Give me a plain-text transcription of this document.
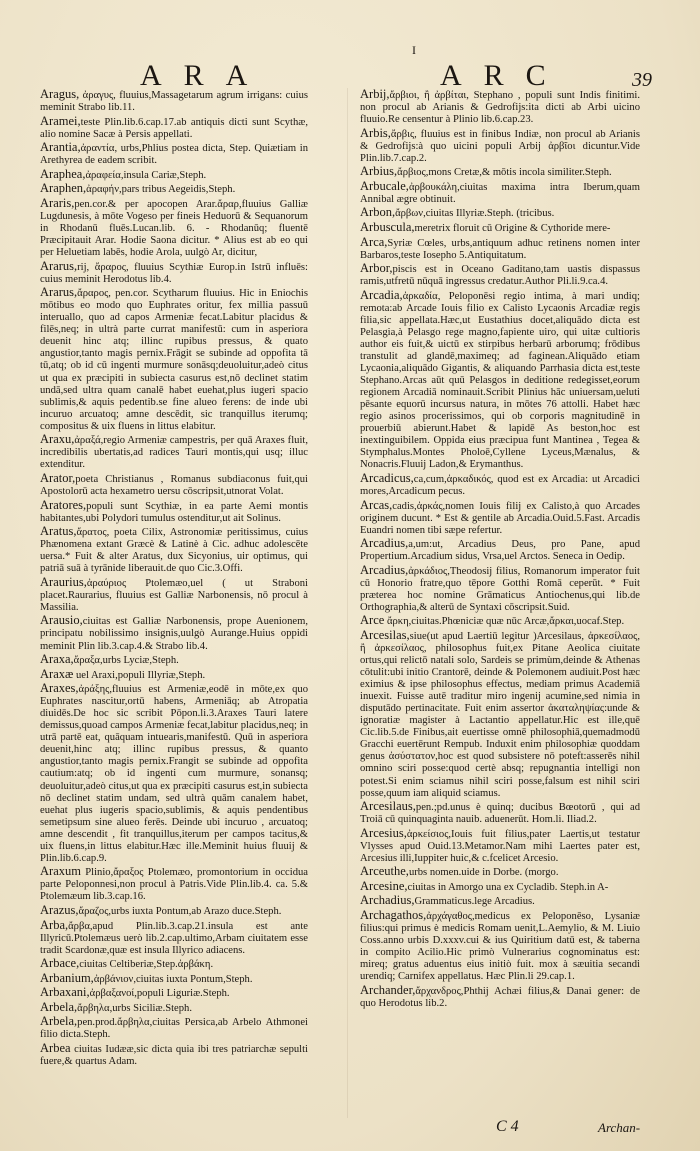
I
ARA	ARC	39

Aragus, ἀραγυς, fluuius,Massagetarum agrum irrigans: cuius meminit Strabo lib.11.

Aramei,teste Plin.lib.6.cap.17.ab antiquis dicti sunt Scythæ, alio nomine Sacæ à Persis appellati.

Arantia,ἀραντία, urbs,Phlius postea dicta, Step. Quiætiam in Arethyrea de eadem scribit.

Araphea,ἀραφεία,insula Cariæ,Steph.

Araphen,ἀραφήν,pars tribus Aegeidis,Steph.

Araris,pen.cor.& per apocopen Arar.ἄραρ,fluuius Galliæ Lugdunesis, à mōte Vogeso per fineis Heduorū & Sequanorum in Rhodanū fluēs.Lucan.lib. 6. - Rhodanūq; fluentē Præcipitauit Arar. Hodie Saona dicitur. * Alius est ab eo qui per Heluetiam labēs, hodie Arola, uulgò Ar, dicitur,

Ararus,rij, ἄραρος, fluuius Scythiæ Europ.in Istrū influēs: cuius meminit Herodotus lib.4.

Ararus,ἄραρος, pen.cor. Scytharum fluuius. Hic in Eniochis mōtibus eo modo quo Euphrates oritur, fex millia passuū interuallo, quo ad capos Armeniæ fecat.Labitur placidus & filēs,neq; in ultrà parte currat manifestū: cum in asperiora deuenit hinc atq; illinc rupibus pressus, & quato angustior,tanto magis pernix.Frāgit se subinde ad oppofita tā tū,atq; ob id cū ingenti murmure sonāsq;deuoluitur,adeò citus ut qua ex præcipiti in subiecta casurus est,nō declinet statim undā,sed ultra quam canalē habet euehat,plus iugeri spacio sublimis,& aquis pedentib.se fine alueo ferens: de inde ubi incuruo arcuatoq; amne descēdit, sic tranquillus iterumq; compositus & uix fluens in littus elabitur.

Araxu,ἀραξά,regio Armeniæ campestris, per quā Araxes fluit, incredibilis ubertatis,ad radices Tauri montis,qui usq; illuc extenditur.

Arator,poeta Christianus , Romanus subdiaconus fuit,qui Apostolorū acta hexametro uersu cōscripsit,utnorat Volat.

Aratores,populi sunt Scythiæ, in ea parte Aemi montis habitantes,ubi Polydori tumulus ostenditur,ut ait Solinus.

Aratus,ἄρατος, poeta Cilix, Astronomiæ peritissimus, cuius Phænomena extant Græcè & Latinè à Cic. adhuc adolescēte uersa.* Fuit & alter Aratus, dux Sicyonius, uir optimus, qui patriā suā à tyrānide liberauit.de quo Cic.3.Offi.

Araurius,ἀραύριος Ptolemæo,uel ( ut Straboni placet.Raurarius, fluuius est Galliæ Narbonensis, nō procul à Massilia.

Arausio,ciuitas est Galliæ Narbonensis, prope Auenionem, principatu nobilissimo insignis,uulgò Aurange.Huius oppidi meminit Plin lib.3.cap.4.& Strabo lib.4.

Araxa,ἄραξα,urbs Lyciæ,Steph.

Araxæ uel Araxi,populi Illyriæ,Steph.

Araxes,ἀράξης,fluuius est Armeniæ,eodē in mōte,ex quo Euphrates nascitur,ortū habens, Armeniāq; ab Atropatia diuidēs.De hoc sic scribit Pōpon.li.3.Araxes Tauri latere demissus,quoad campos Armeniæ fecat,labitur placidus,neq; in utrā partē eat, quāquam intuearis,manifestū. Quū in asperiora deuenit,hinc atq; illinc rupibus pressus, & quanto angustior,tanto magis pernix.Frangit se subinde ad oppofita cautium:atq; ob id ingenti cum murmure, sonansq; deuoluitur,adeò citus,ut qua ex præcipiti casurus est,in subiecta nō declinet statim undam, sed ultrà quām canalem habet, euehat plus iugeris spacio,sublimis, & aquis pendentibus semetipsum sine alueo ferēs. Deinde ubi incuruo , arcuatoq; amne descendit , fit tranquillus,iterum per campos tacitus,& uix fluens,in littus elabitur.Hæc ille.Meminit huius fluuij & Plin.lib.6.cap.9.

Araxum Plinio,ἄραξος Ptolemæo, promontorium in occidua parte Peloponnesi,non procul à Patris.Vide Plin.lib.4. ca. 5.& Ptolemæum lib.3.cap.16.

Arazus,ἄραζος,urbs iuxta Pontum,ab Arazo duce.Steph.

Arba,ἄρβα,apud Plin.lib.3.cap.21.insula est ante Illyricū.Ptolemæus uerò lib.2.cap.ultimo,Arbam ciuitatem esse tradit Scardonæ,quæ est insula Illyrico adiacens.

Arbace,ciuitas Celtiberiæ,Step.ἀρβάκη.

Arbanium,ἀρβάνιον,ciuitas iuxta Pontum,Steph.

Arbaxani,ἀρβαξανοί,populi Liguriæ.Steph.

Arbela,ἄρβηλα,urbs Siciliæ.Steph.

Arbela,pen.prod.ἄρβηλα,ciuitas Persica,ab Arbelo Athmonei filio dicta.Steph.

Arbea ciuitas Iudææ,sic dicta quia ibi tres patriarchæ sepulti fuere,& quartus Adam.

Arbij,ἄρβιοι, ἢ ἀρβίται, Stephano , populi sunt Indis finitimi. non procul ab Arianis & Gedrofijs:ita dicti ab Arbi uicino fluuio.Re censentur à Plinio lib.6.cap.23.

Arbis,ἄρβις, fluuius est in finibus Indiæ, non procul ab Arianis & Gedrofijs:à quo uicini populi Arbij ἀρβῖοι dicuntur.Vide Plin.lib.7.cap.2.

Arbius,ἄρβιος,mons Cretæ,& mōtis incola similiter.Steph.

Arbucale,ἀρβουκάλη,ciuitas maxima intra Iberum,quam Annibal ægre obtinuit.

Arbon,ἄρβων,ciuitas Illyriæ.Steph. (tricibus.

Arbuscula,meretrix floruit cū Origine & Cythoride mere-

Arca,Syriæ Cœles, urbs,antiquum adhuc retinens nomen inter Barbaros,teste Iosepho 5.Antiquitatum.

Arbor,piscis est in Oceano Gaditano,tam uastis dispassus ramis,utfretū nūquā ingressus credatur.Author Pli.li.9.ca.4.

Arcadia,ἀρκαδία, Peloponēsi regio intima, à mari undiq; remota:ab Arcade Iouis filio ex Calisto Lycaonis Arcadiæ regis filia,sic appellata.Hæc,ut Eustathius docet,aliquādo dicta est Pelasgia,à Pelasgo rege magno,fapiente uiro, qui uitæ cultioris author eis fuit,& uictū ex stirpibus herbarū arborumq; frōdibus transtulit ad glandē,maximeq; ad faginean.Aliquādo etiam Lycaonia,aliquādo Gigantis, & aliquando Parrhasia dicta est,teste Stephano.Arcas aūt quū Pelasgos in deditione redegisset,eorum regionem Arcadiā nominauit.Scribit Plinius hāc uniuersam,ueluti pēsante equorū incursus natura, in mōtes 76 attolli. Habet hæc regio asinos procerissimos, qui ob corporis magnitudinē in prouerbiū abierunt.Habet & lapidē As beston,hoc est inextinguibilem. Oppida eius præcipua funt Mantinea , Tegea & Stymphalus.Montes Pholoē,Cyllene Lyceus,Mænalus, & Nonacris.Fluuij Ladon,& Erymanthus.

Arcadicus,ca,cum,ἀρκαδικός, quod est ex Arcadia: ut Arcadici mores,Arcadicum pecus.

Arcas,cadis,ἀρκάς,nomen Iouis filij ex Calisto,à quo Arcades originem ducunt. * Est & gentile ab Arcadia.Ouid.5.Fast. Arcadis Euandri nomen tibi sæpe refertur.

Arcadius,a,um:ut, Arcadius Deus, pro Pane, apud Propertium.Arcadium sidus, Vrsa,uel Arctos. Seneca in Oedip.

Arcadius,ἀρκάδιος,Theodosij filius, Romanorum imperator fuit cū Honorio fratre,quo tēpore Gotthi Romā ceperūt. * Fuit præterea hoc nomine Grāmaticus Antiochenus,qui lib.de Orthographia,& alterū de Syntaxi cōscripsit.Suid.

Arce ἄρκη,ciuitas.Phœniciæ quæ nūc Arcæ,ἄρκαι,uocaf.Step.

Arcesilas,siue(ut apud Laertiū legitur )Arcesilaus, ἀρκεσίλαος, ἢ ἀρκεσίλαος, philosophus fuit,ex Pitane Aeolica ciuitate ortus,qui relictō natali solo, Sardeis se primùm,deinde & Athenas cōtulit:ubi initio Crantorē, deinde & Polemonem audiuit.Post hæc eximius & ipse philosophus effectus, mediam primus Academiā inuexit. Fuisse autē traditur miro ingenij acumine,sed nimia in disputādo pertinacitate. Fuit enim assertor ἀκαταληψίας:unde & ignoratiæ magister à Lactantio appellatur.Hic est ille,quē Cic.lib.5.de Finibus,ait euertisse omnē philosophiā,quemadmodū Gracchi euertērunt Rempub. Induxit enim philosophiæ quoddam genus ἀσύστατον,hoc est quod subsistere nō poteft:asserēs nihil omnino sciri posse:quod certè absq; repugnantia intelligi non potest.Si enim sciamus nihil sciri posse,falsum est nihil sciri posse,quum iam aliquid sciamus.

Arcesilaus,pen.;pd.unus è quinq; ducibus Bœotorū , qui ad Troiā cū quinquaginta nauib. aduenerūt. Hom.li. Iliad.2.

Arcesius,ἀρκείσιος,Iouis fuit filius,pater Laertis,ut testatur Vlysses apud Ouid.13.Metamor.Nam mihi Laertes pater est, Arcesius illi,Iuppiter huic,& c.fcelicet Arcesio.

Arceuthe,urbs nomen.uide in Dorbe. (morgo.

Arcesine,ciuitas in Amorgo una ex Cycladib. Steph.in A-

Archadius,Grammaticus.lege Arcadius.

Archagathos,ἀρχάγαθος,medicus ex Peloponēso, Lysaniæ filius:qui primus è medicis Romam uenit,L.Aemylio, & M. Liuio Coss.anno urbis D.xxxv.cui & ius Quiritium datū est, & taberna in compito Acilio.Hic primò Vulnerarius cognominatus est: mireq; gratus aduentus eius initiò fuit. mox à sæuitia secandi urendiq; Carnifex appellatus. Hæc Plin.li 29.cap.1.

Archander,ἄρχανδρος,Phthij Achæi filius,& Danai gener: de quo Herodotus lib.2.

C 4	Archan-
